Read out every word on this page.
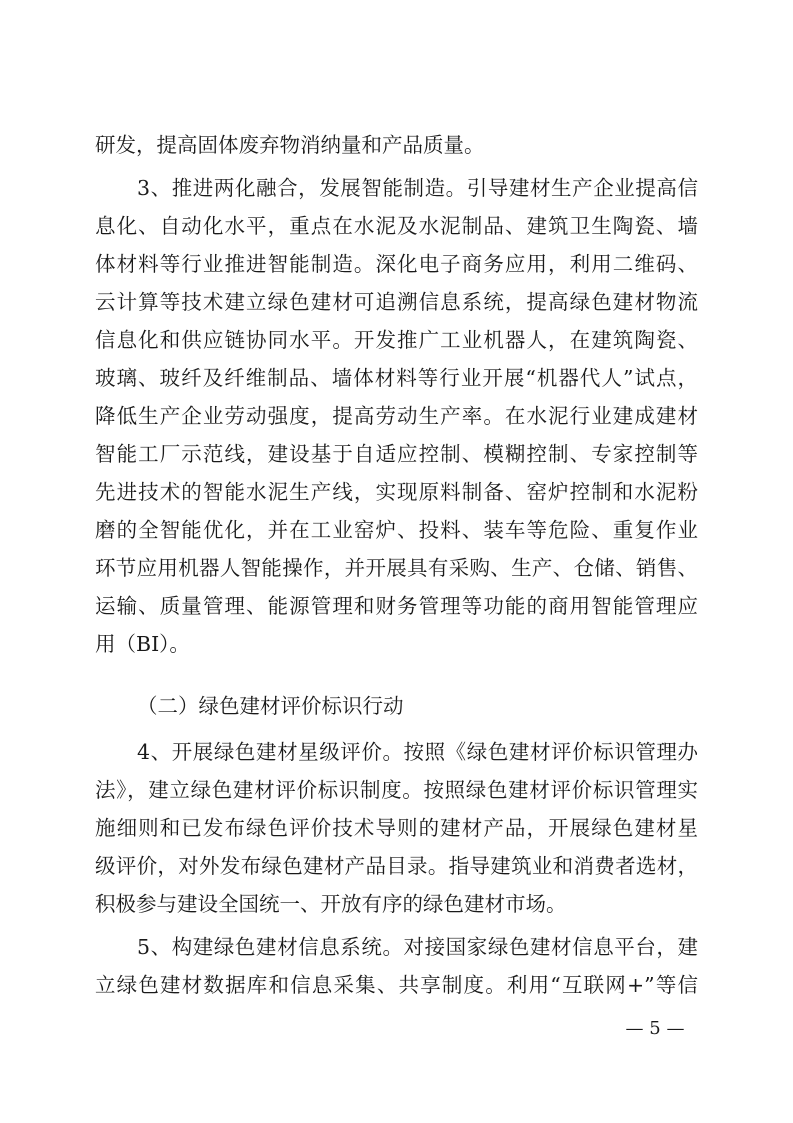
研发，提高固体废弃物消纳量和产品质量。
3、推进两化融合，发展智能制造。引导建材生产企业提高信
息化、自动化水平，重点在水泥及水泥制品、建筑卫生陶瓷、墙
体材料等行业推进智能制造。深化电子商务应用，利用二维码、
云计算等技术建立绿色建材可追溯信息系统，提高绿色建材物流
信息化和供应链协同水平。开发推广工业机器人，在建筑陶瓷、
玻璃、玻纤及纤维制品、墙体材料等行业开展“机器代人”试点，
降低生产企业劳动强度，提高劳动生产率。在水泥行业建成建材
智能工厂示范线，建设基于自适应控制、模糊控制、专家控制等
先进技术的智能水泥生产线，实现原料制备、窑炉控制和水泥粉
磨的全智能优化，并在工业窑炉、投料、装车等危险、重复作业
环节应用机器人智能操作，并开展具有采购、生产、仓储、销售、
运输、质量管理、能源管理和财务管理等功能的商用智能管理应
用（BI）。
（二）绿色建材评价标识行动
4、开展绿色建材星级评价。按照《绿色建材评价标识管理办
法》，建立绿色建材评价标识制度。按照绿色建材评价标识管理实
施细则和已发布绿色评价技术导则的建材产品，开展绿色建材星
级评价，对外发布绿色建材产品目录。指导建筑业和消费者选材，
积极参与建设全国统一、开放有序的绿色建材市场。
5、构建绿色建材信息系统。对接国家绿色建材信息平台，建
立绿色建材数据库和信息采集、共享制度。利用“互联网+”等信
— 5 —
